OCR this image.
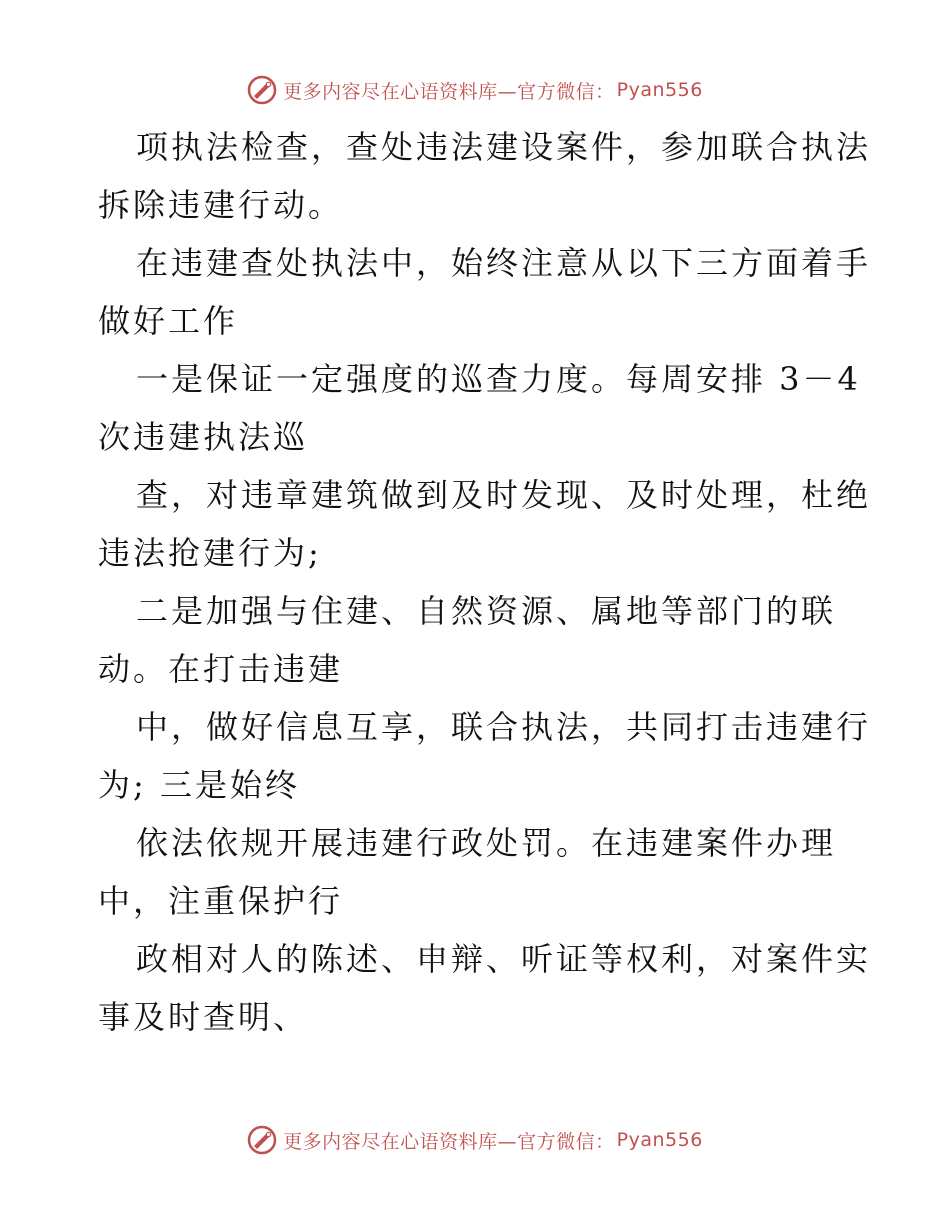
更多内容尽在心语资料库—官方微信： Pyan556

项执法检查，查处违法建设案件，参加联合执法
拆除违建行动。

在违建查处执法中，始终注意从以下三方面着手
做好工作

一是保证一定强度的巡查力度。每周安排 3－4
次违建执法巡

查，对违章建筑做到及时发现、及时处理，杜绝
违法抢建行为;

二是加强与住建、自然资源、属地等部门的联
动。在打击违建

中，做好信息互享，联合执法，共同打击违建行
为; 三是始终

依法依规开展违建行政处罚。在违建案件办理
中，注重保护行

政相对人的陈述、申辩、听证等权利，对案件实
事及时查明、

更多内容尽在心语资料库—官方微信： Pyan556
